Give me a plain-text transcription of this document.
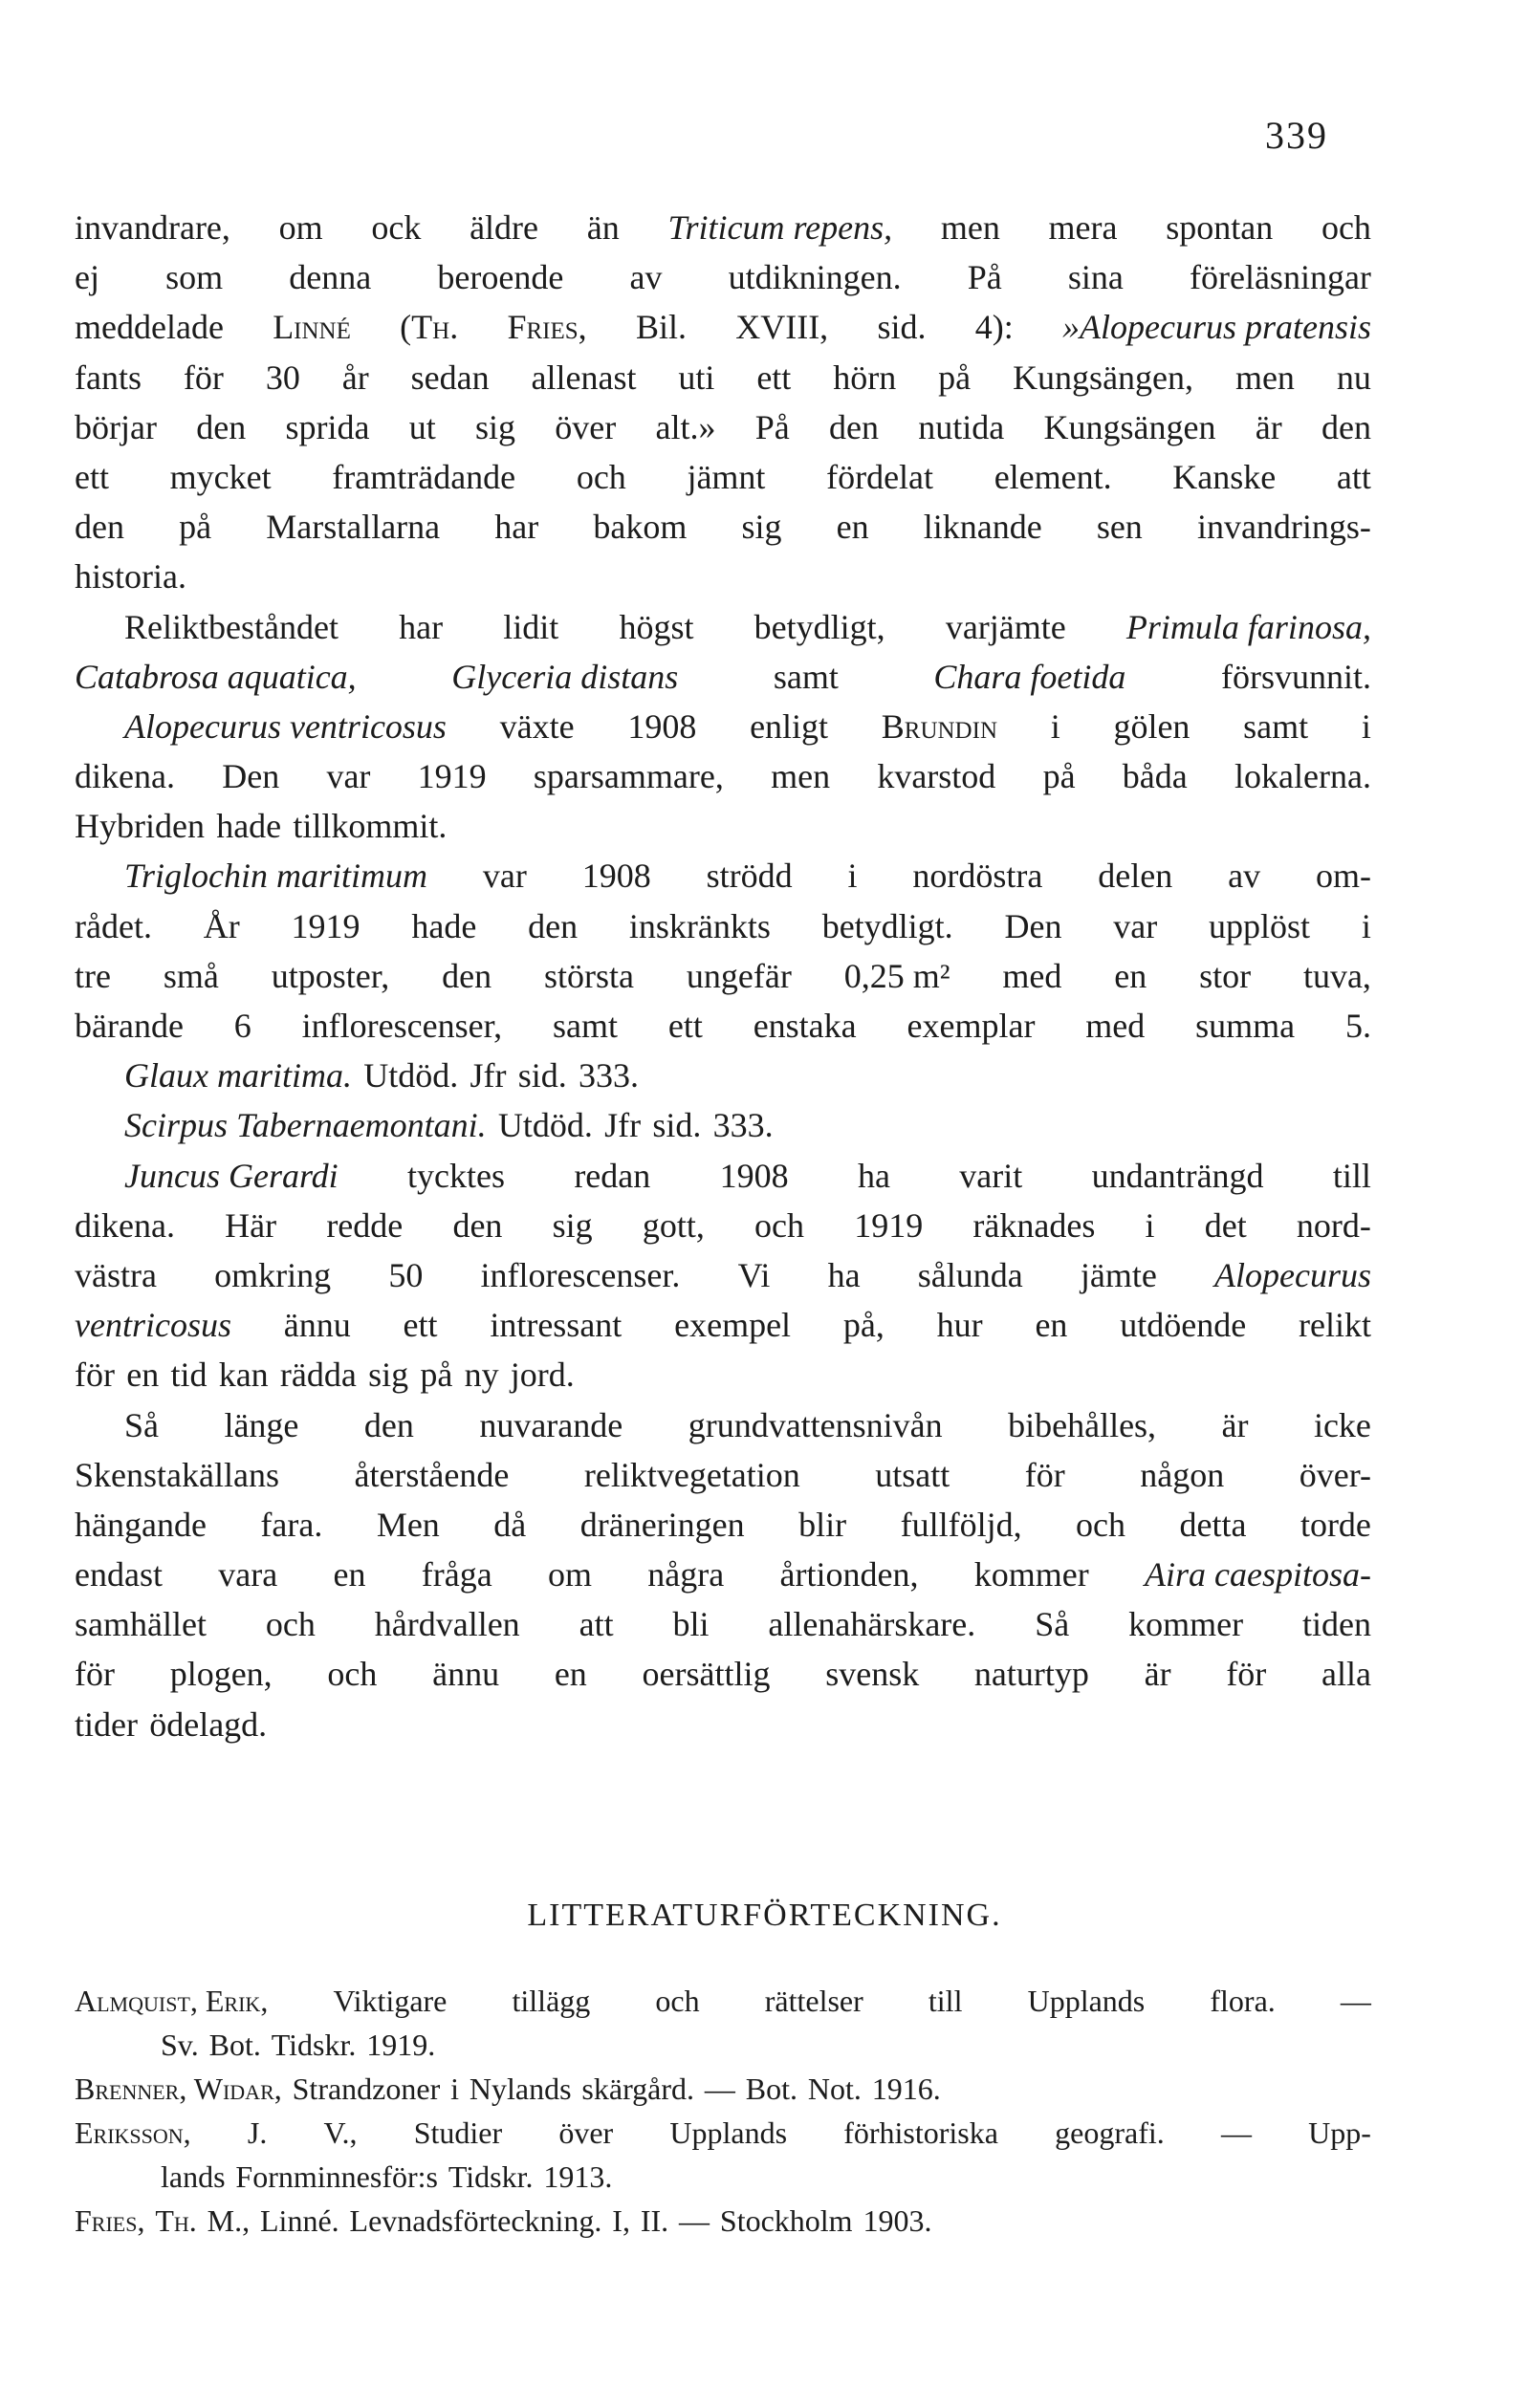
339
invandrare, om ock äldre än Triticum repens, men mera spontan och
ej som denna beroende av utdikningen. På sina föreläsningar
meddelade Linné (Th. Fries, Bil. XVIII, sid. 4): »Alopecurus pratensis
fants för 30 år sedan allenast uti ett hörn på Kungsängen, men nu
börjar den sprida ut sig över alt.» På den nutida Kungsängen är den
ett mycket framträdande och jämnt fördelat element. Kanske att
den på Marstallarna har bakom sig en liknande sen invandrings-
historia.
Reliktbeståndet har lidit högst betydligt, varjämte Primula farinosa,
Catabrosa aquatica,	Glyceria distans	samt	Chara foetida	försvunnit.
Alopecurus ventricosus växte 1908 enligt Brundin i gölen samt i
dikena. Den var 1919 sparsammare, men kvarstod på båda lokalerna.
Hybriden hade tillkommit.
Triglochin maritimum var 1908 strödd i nordöstra delen av om-
rådet. År 1919 hade den inskränkts betydligt. Den var upplöst i
tre små utposter, den största ungefär 0,25 m² med en stor tuva,
bärande 6 inflorescenser, samt ett enstaka exemplar med summa 5.
Glaux maritima. Utdöd. Jfr sid. 333.
Scirpus Tabernaemontani. Utdöd. Jfr sid. 333.
Juncus Gerardi tycktes redan 1908 ha varit undanträngd till
dikena. Här redde den sig gott, och 1919 räknades i det nord-
västra omkring 50 inflorescenser. Vi ha sålunda jämte Alopecurus
ventricosus ännu ett intressant exempel på, hur en utdöende relikt
för en tid kan rädda sig på ny jord.
Så länge den nuvarande grundvattensnivån bibehålles, är icke
Skenstakällans återstående reliktvegetation utsatt för någon över-
hängande fara. Men då dräneringen blir fullföljd, och detta torde
endast vara en fråga om några årtionden, kommer Aira caespitosa-
samhället och hårdvallen att bli allenahärskare. Så kommer tiden
för plogen, och ännu en oersättlig svensk naturtyp är för alla
tider ödelagd.
LITTERATURFÖRTECKNING.
Almquist, Erik, Viktigare tillägg och rättelser till Upplands flora. —
Sv. Bot. Tidskr. 1919.
Brenner, Widar, Strandzoner i Nylands skärgård. — Bot. Not. 1916.
Eriksson, J. V., Studier över Upplands förhistoriska geografi. — Upp-
lands Fornminnesför:s Tidskr. 1913.
Fries, Th. M., Linné. Levnadsförteckning. I, II. — Stockholm 1903.
